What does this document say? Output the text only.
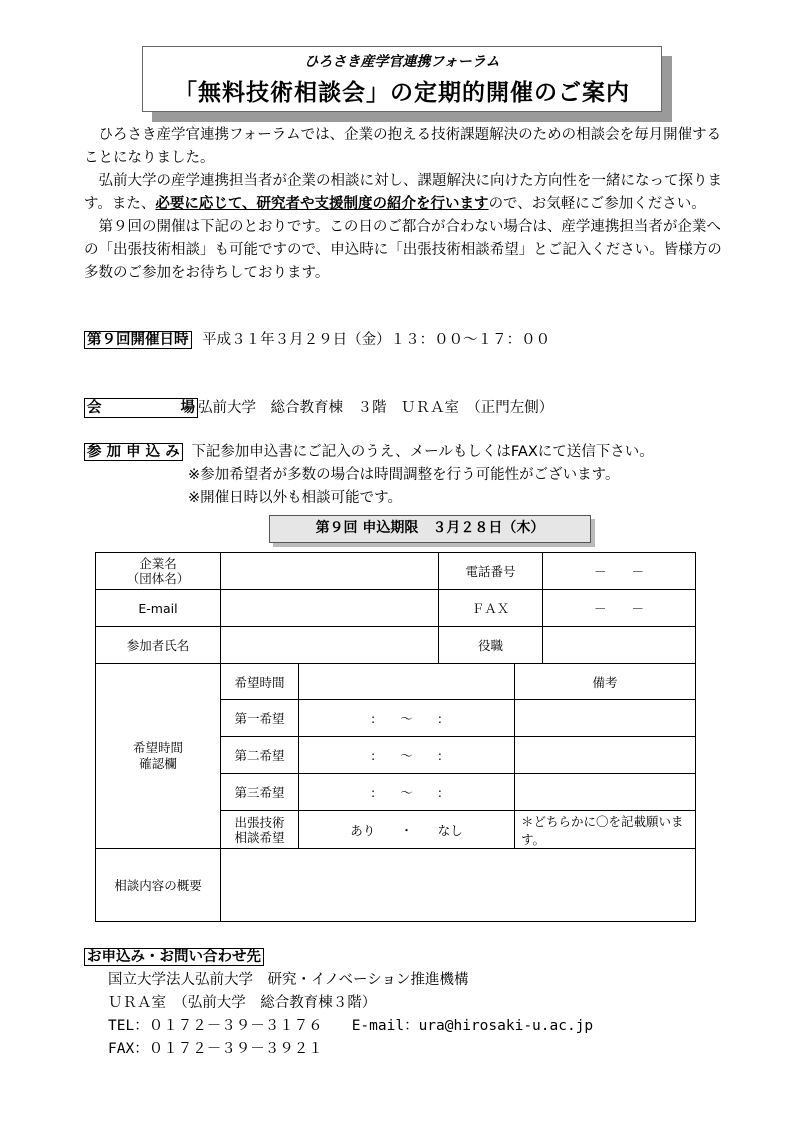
ひろさき産学官連携フォーラム
「無料技術相談会」の定期的開催のご案内

ひろさき産学官連携フォーラムでは、企業の抱える技術課題解決のための相談会を毎月開催することになりました。

弘前大学の産学連携担当者が企業の相談に対し、課題解決に向けた方向性を一緒になって探ります。また、必要に応じて、研究者や支援制度の紹介を行いますので、お気軽にご参加ください。

第９回の開催は下記のとおりです。この日のご都合が合わない場合は、産学連携担当者が企業への「出張技術相談」も可能ですので、申込時に「出張技術相談希望」とご記入ください。皆様方の多数のご参加をお待ちしております。

第９回開催日時 平成３１年３月２９日（金）１３：００～１７：００
会	場 弘前大学　総合教育棟　３階　ＵＲＡ室　（正門左側）
参 加 申 込 み 下記参加申込書にご記入のうえ、メールもしくはFAXにて送信下さい。
※参加希望者が多数の場合は時間調整を行う可能性がございます。
※開催日時以外も相談可能です。
第９回 申込期限　３月２８日（木）
企業名
（団体名）			電話番号		－　　－
E-mail			ＦＡＸ		－　　－
参加者氏名			役職		
希望時間
確認欄	希望時間			備考	
	第一希望	:　　〜　　:			
	第二希望	:　　〜　　:			
	第三希望	:　　〜　　:			
	出張技術
相談希望	あり　　・　　なし		＊どちらかに〇を記載願います。	
相談内容の概要					
お申込み・お問い合わせ先
国立大学法人弘前大学　研究・イノベーション推進機構
ＵＲＡ室　（弘前大学　総合教育棟３階）
TEL：０１７２－３９－３１７６　　E-mail：ura@hirosaki-u.ac.jp
FAX：０１７２－３９－３９２１
